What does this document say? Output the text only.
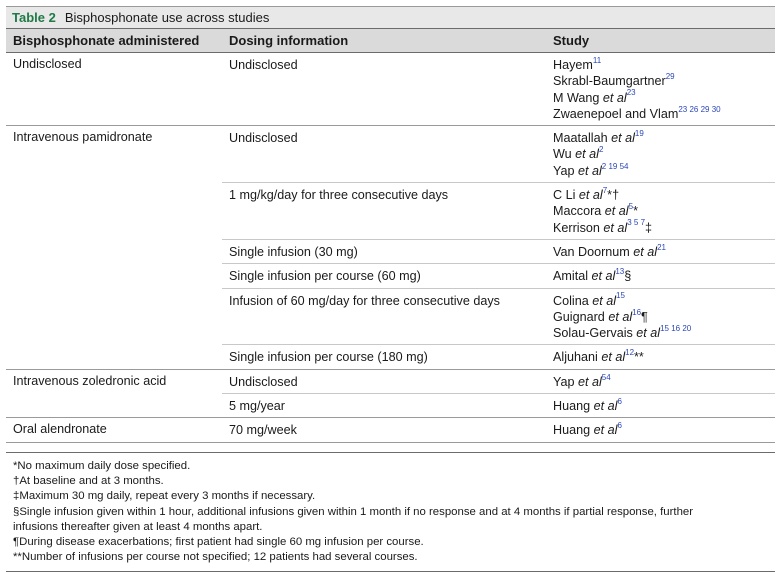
Table 2 Bisphosphonate use across studies
Bisphosphonate administered	Dosing information	Study
Undisclosed	Undisclosed	Hayem$^{11}$
Skrabl-Baumgartner$^{29}$
M Wang et $al^{23}$
Zwaenepoel and Vlam$^{23 26 29 30}$
Intravenous pamidronate	Undisclosed	Maatallah et $al^{19}$
Wu et $al^2$
Yap et $al^{2 19 54}$
1 mg/kg/day for three consecutive days	C Li et $al^7*\dagger$
Maccora et $al^5*$
Kerrison et $al^{3 5 7}\ddagger$
Single infusion (30 mg)	Van Doornum et $al^{21}$
Single infusion per course (60 mg)	Amital et $al^{13}\S$
Infusion of 60 mg/day for three consecutive days	Colina et $al^{15}$
Guignard et $al^{16}\P$
Solau-Gervais et $al^{15 16 20}$
Single infusion per course (180 mg)	Aljuhani et $al^{12}**$
Intravenous zoledronic acid	Undisclosed	Yap et $al^{54}$
5 mg/year	Huang et $al^6$
Oral alendronate	70 mg/week	Huang et $al^6$
*No maximum daily dose specified.
†At baseline and at 3 months.
‡Maximum 30 mg daily, repeat every 3 months if necessary.
§Single infusion given within 1 hour, additional infusions given within 1 month if no response and at 4 months if partial response, further
infusions thereafter given at least 4 months apart.
¶During disease exacerbations; first patient had single 60 mg infusion per course.
**Number of infusions per course not specified; 12 patients had several courses.
